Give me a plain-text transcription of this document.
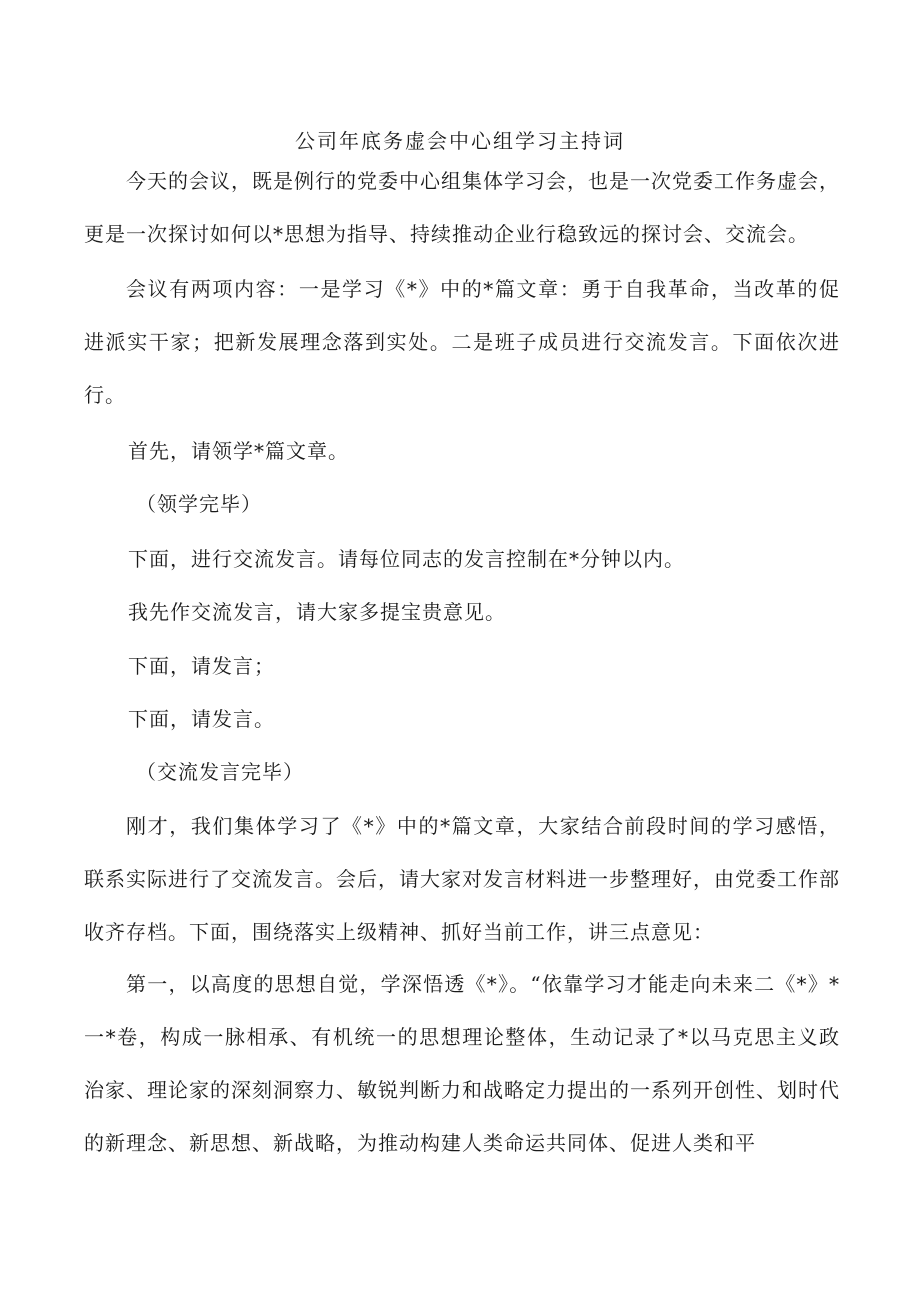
公司年底务虚会中心组学习主持词
今天的会议，既是例行的党委中心组集体学习会，也是一次党委工作务虚会，更是一次探讨如何以*思想为指导、持续推动企业行稳致远的探讨会、交流会。
会议有两项内容：一是学习《*》中的*篇文章：勇于自我革命，当改革的促进派实干家；把新发展理念落到实处。二是班子成员进行交流发言。下面依次进行。
首先，请领学*篇文章。
（领学完毕）
下面，进行交流发言。请每位同志的发言控制在*分钟以内。
我先作交流发言，请大家多提宝贵意见。
下面，请发言；
下面，请发言。
（交流发言完毕）
刚才，我们集体学习了《*》中的*篇文章，大家结合前段时间的学习感悟，联系实际进行了交流发言。会后，请大家对发言材料进一步整理好，由党委工作部收齐存档。下面，围绕落实上级精神、抓好当前工作，讲三点意见：
第一，以高度的思想自觉，学深悟透《*》。“依靠学习才能走向未来二《*》*一*卷，构成一脉相承、有机统一的思想理论整体，生动记录了*以马克思主义政治家、理论家的深刻洞察力、敏锐判断力和战略定力提出的一系列开创性、划时代的新理念、新思想、新战略，为推动构建人类命运共同体、促进人类和平
